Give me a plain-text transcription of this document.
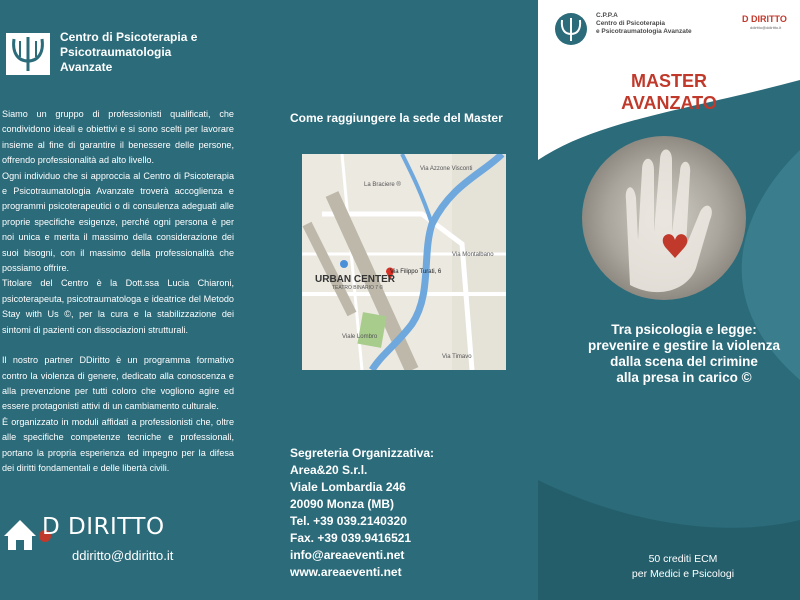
Centro di Psicoterapia e
Psicotraumatologia
Avanzate

Siamo un gruppo di professionisti qualificati, che condividono ideali e obiettivi e si sono scelti per lavorare insieme al fine di garantire il benessere delle persone, offrendo professionalità ad alto livello.

Ogni individuo che si approccia al Centro di Psicoterapia e Psicotraumatologia Avanzate troverà accoglienza e programmi psicoterapeutici o di consulenza adeguati alle proprie specifiche esigenze, perché ogni persona è per noi unica e merita il massimo della considerazione dei suoi bisogni, con il massimo della professionalità che possiamo offrire.

Titolare del Centro è la Dott.ssa Lucia Chiaroni, psicoterapeuta, psicotraumatologa e ideatrice del Metodo Stay with Us ©, per la cura e la stabilizzazione dei sintomi di pazienti con dissociazioni strutturali.

Il nostro partner DDiritto è un programma formativo contro la violenza di genere, dedicato alla conoscenza e alla prevenzione per tutti coloro che vogliono agire ed essere protagonisti attivi di un cambiamento culturale.

È organizzato in moduli affidati a professionisti che, oltre alle specifiche competenze tecniche e professionali, portano la propria esperienza ed impegno per la difesa dei diritti fondamentali e delle libertà civili.

D DIRITTO
ddiritto@ddiritto.it
Come raggiungere la sede del Master
La Braciere ®
Via Azzone Visconti
Via Montalbano
Viale Lombro
Via Timavo
URBAN CENTER
TEATRO BINARIO 7 ©
Via Filippo Turati, 6
Segreteria Organizzativa:
Area&20 S.r.l.
Viale Lombardia 246
20090 Monza (MB)
Tel. +39 039.2140320
Fax. +39 039.9416521
info@areaeventi.net
www.areaeventi.net
C.P.P.A
Centro di Psicoterapia
e Psicotraumatologia Avanzate
D DIRITTO
ddiritto@ddiritto.it
MASTER
AVANZATO
Tra psicologia e legge:
prevenire e gestire la violenza
dalla scena del crimine
alla presa in carico ©
50 crediti ECM
per Medici e Psicologi
